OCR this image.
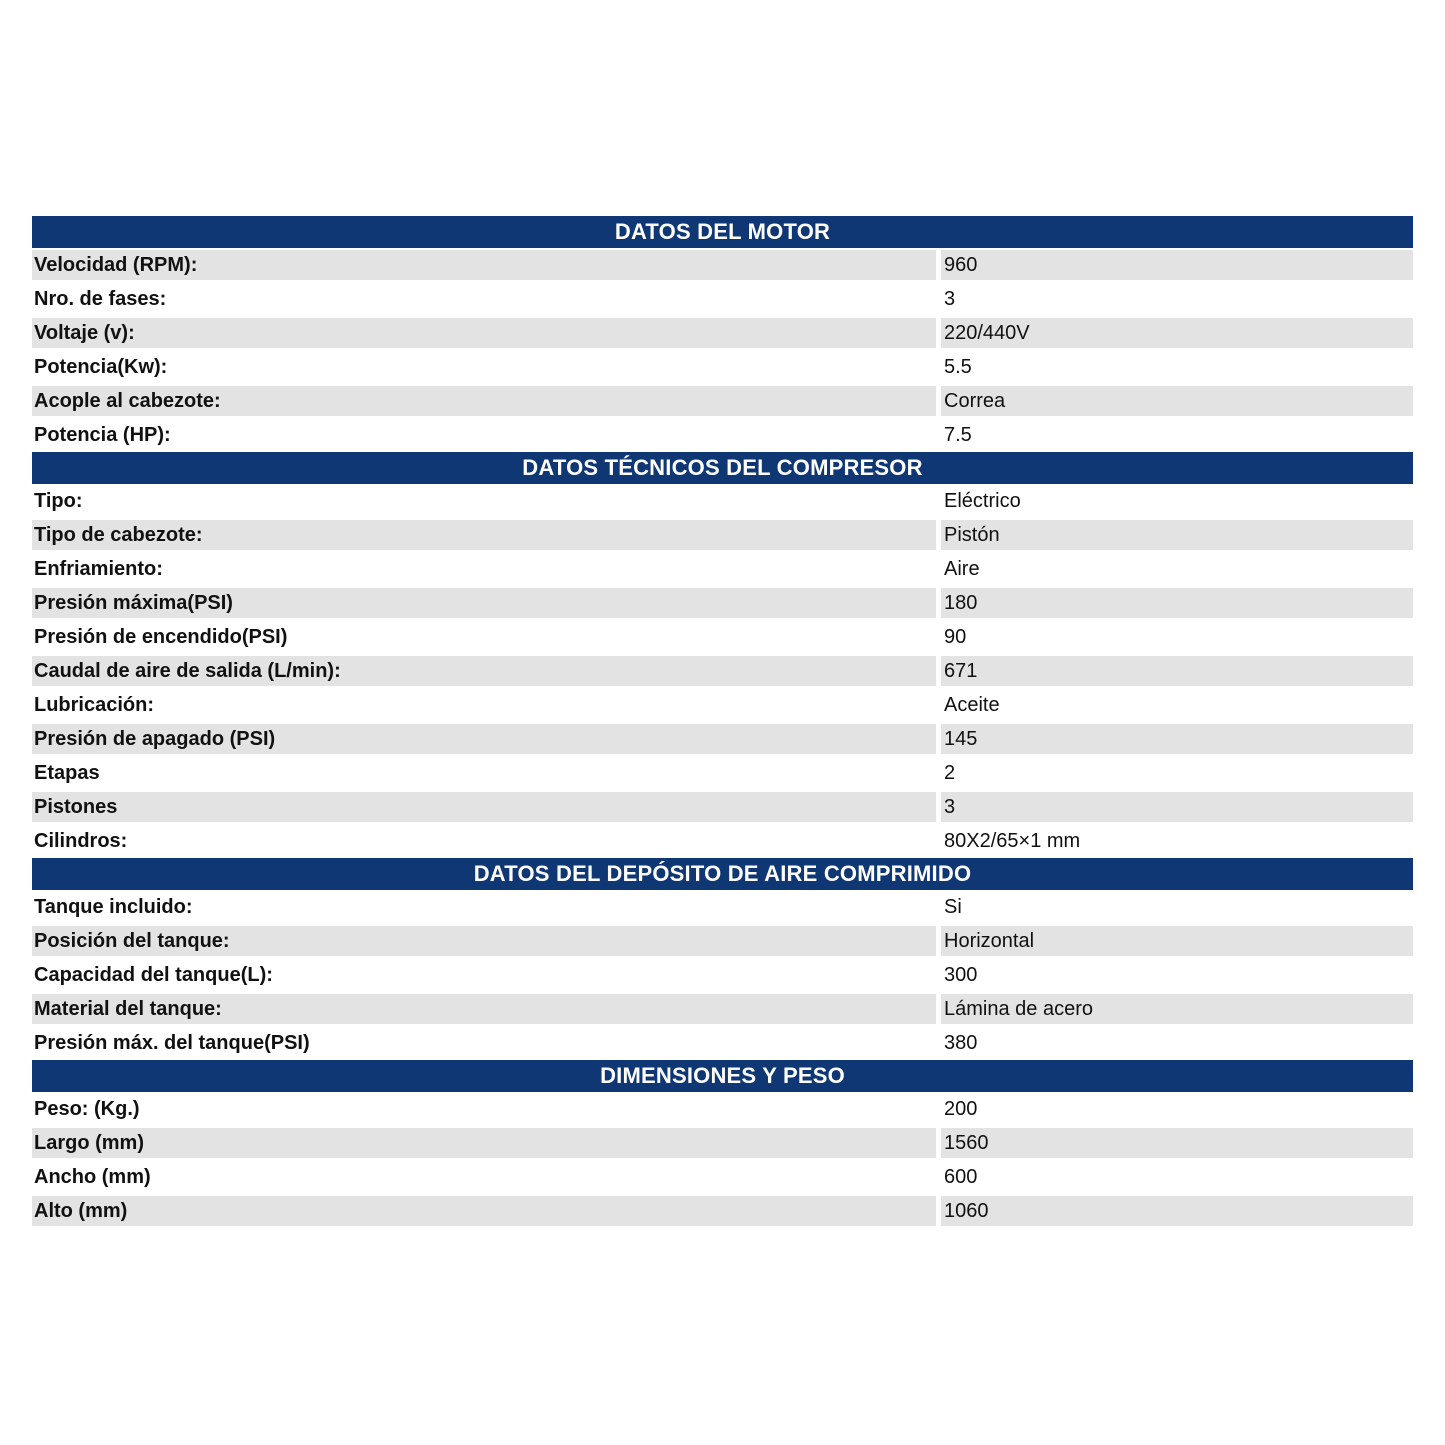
DATOS DEL MOTOR
Velocidad (RPM):	960
Nro. de fases:	3
Voltaje (v):	220/440V
Potencia(Kw):	5.5
Acople al cabezote:	Correa
Potencia (HP):	7.5
DATOS TÉCNICOS DEL COMPRESOR
Tipo:	Eléctrico
Tipo de cabezote:	Pistón
Enfriamiento:	Aire
Presión máxima(PSI)	180
Presión de encendido(PSI)	90
Caudal de aire de salida (L/min):	671
Lubricación:	Aceite
Presión de apagado (PSI)	145
Etapas	2
Pistones	3
Cilindros:	80X2/65×1 mm
DATOS DEL DEPÓSITO DE AIRE COMPRIMIDO
Tanque incluido:	Si
Posición del tanque:	Horizontal
Capacidad del tanque(L):	300
Material del tanque:	Lámina de acero
Presión máx. del tanque(PSI)	380
DIMENSIONES Y PESO
Peso: (Kg.)	200
Largo (mm)	1560
Ancho (mm)	600
Alto (mm)	1060
